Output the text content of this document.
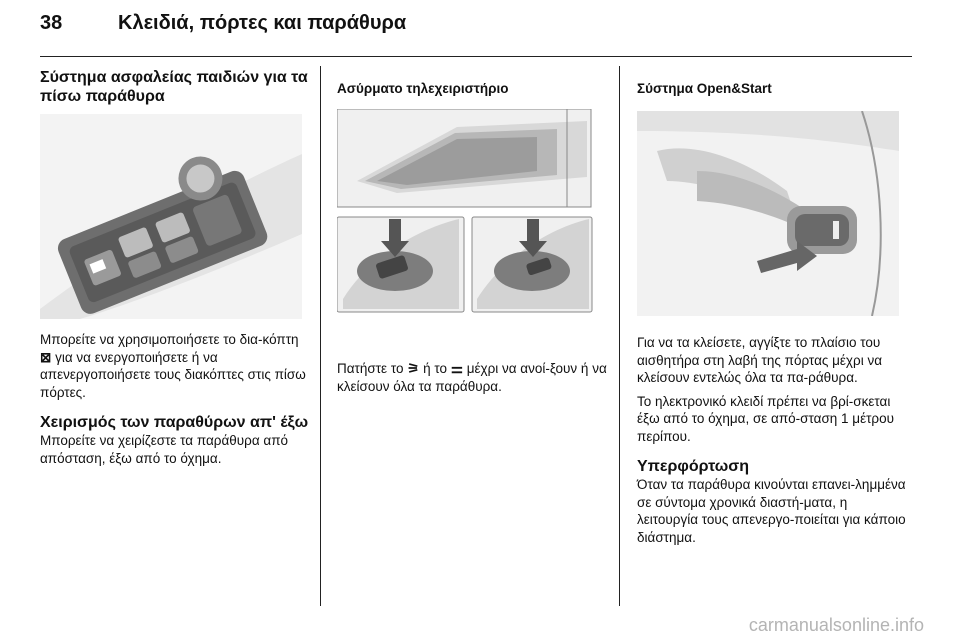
38	Κλειδιά, πόρτες και παράθυρα
Σύστημα ασφαλείας παιδιών για τα πίσω παράθυρα

Μπορείτε να χρησιμοποιήσετε το δια-κόπτη ⊠ για να ενεργοποιήσετε ή να απενεργοποιήσετε τους διακόπτες στις πίσω πόρτες.

Χειρισμός των παραθύρων απ' έξω

Μπορείτε να χειρίζεστε τα παράθυρα από απόσταση, έξω από το όχημα.

Ασύρματο τηλεχειριστήριο

Πατήστε το ⚞ ή το ⚌ μέχρι να ανοί-ξουν ή να κλείσουν όλα τα παράθυρα.

Σύστημα Open&Start

Για να τα κλείσετε, αγγίξτε το πλαίσιο του αισθητήρα στη λαβή της πόρτας μέχρι να κλείσουν εντελώς όλα τα πα-ράθυρα.

Το ηλεκτρονικό κλειδί πρέπει να βρί-σκεται έξω από το όχημα, σε από-σταση 1 μέτρου περίπου.

Υπερφόρτωση

Όταν τα παράθυρα κινούνται επανει-λημμένα σε σύντομα χρονικά διαστή-ματα, η λειτουργία τους απενεργο-ποιείται για κάποιο διάστημα.

carmanualsonline.info
